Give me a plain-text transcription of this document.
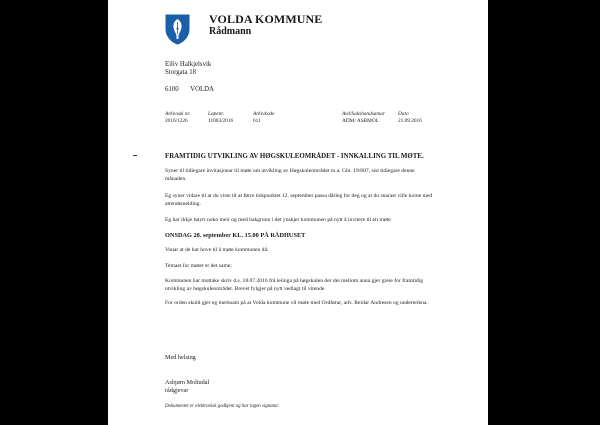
VOLDA KOMMUNE
Rådmann
Eiliv Halkjelsvik
Storgata 18
6100 VOLDA
Arkivsak nr.	Løpenr.	Arkivkode	Avd/Sakshandsamar Dato
2016/1226	11003/2016	611	ADM/ ASBMOL	21.09.2016
FRAMTIDIG UTVIKLING AV HØGSKULEOMRÅDET - INNKALLING TIL MØTE.
Syner til tidlegare invitasjonar til møte om utvikling av Høgskuleområdet m.a. Gbr. 19/807, sist tidlegare denne månaden.
Eg syner vidare til at du viste til at førre tidspunktet 12. september passa dårleg for deg og at du snarast ville kome med attendemelding.
Eg har ikkje høyrt noko meir og med bakgrunn i det ynskjer kommunen på nytt å invitere til eit møte
ONSDAG 28. september KL. 15.00 PÅ RÅDHUSET
Vonar at de har hove til å møte kommunen då.
Temaet for møtet er det same;
Kommunen har mottake skriv d.s. 18.07.2016 frå leiinga på høgskulen der dei mellom anna gjer greie for framtidig utvikling av høgskuleområdet. Brevet fylgjer på nytt vedlagt til vitende.
For orden skuld gjer eg merksam på at Volda kommune vil møte med Ordførar, adv. Reidar Andresen og underteikna.
Med helsing
Asbjørn Moltudal
rådgjevar
Dokumentet er elektronisk godkjent og har ingen signatur.
